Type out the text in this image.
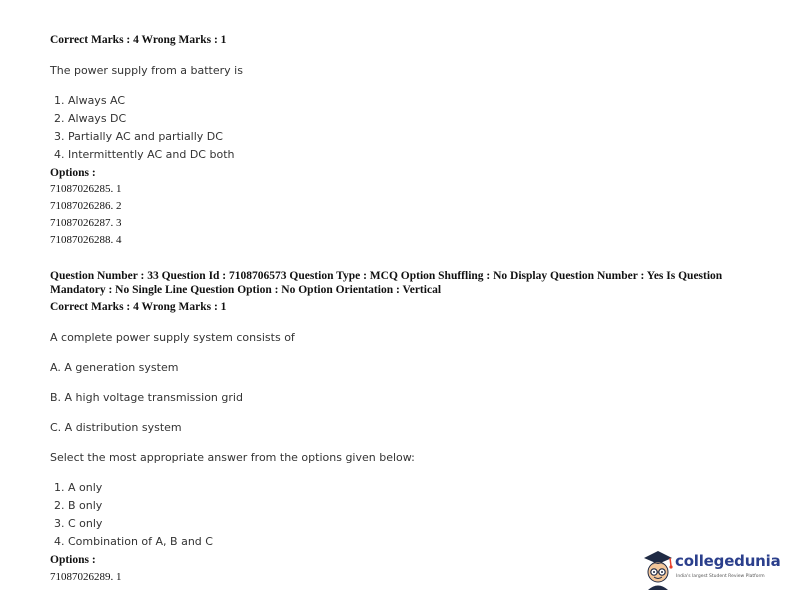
Correct Marks : 4 Wrong Marks : 1
The power supply from a battery is
1. Always AC
2. Always DC
3. Partially AC and partially DC
4. Intermittently AC and DC both
Options :
71087026285. 1
71087026286. 2
71087026287. 3
71087026288. 4
Question Number : 33 Question Id : 7108706573 Question Type : MCQ Option Shuffling : No Display Question Number : Yes Is Question Mandatory : No Single Line Question Option : No Option Orientation : Vertical
Correct Marks : 4 Wrong Marks : 1
A complete power supply system consists of
A. A generation system
B. A high voltage transmission grid
C. A distribution system
Select the most appropriate answer from the options given below:
1. A only
2. B only
3. C only
4. Combination of A, B and C
Options :
71087026289. 1
collegedunia
India's largest Student Review Platform
